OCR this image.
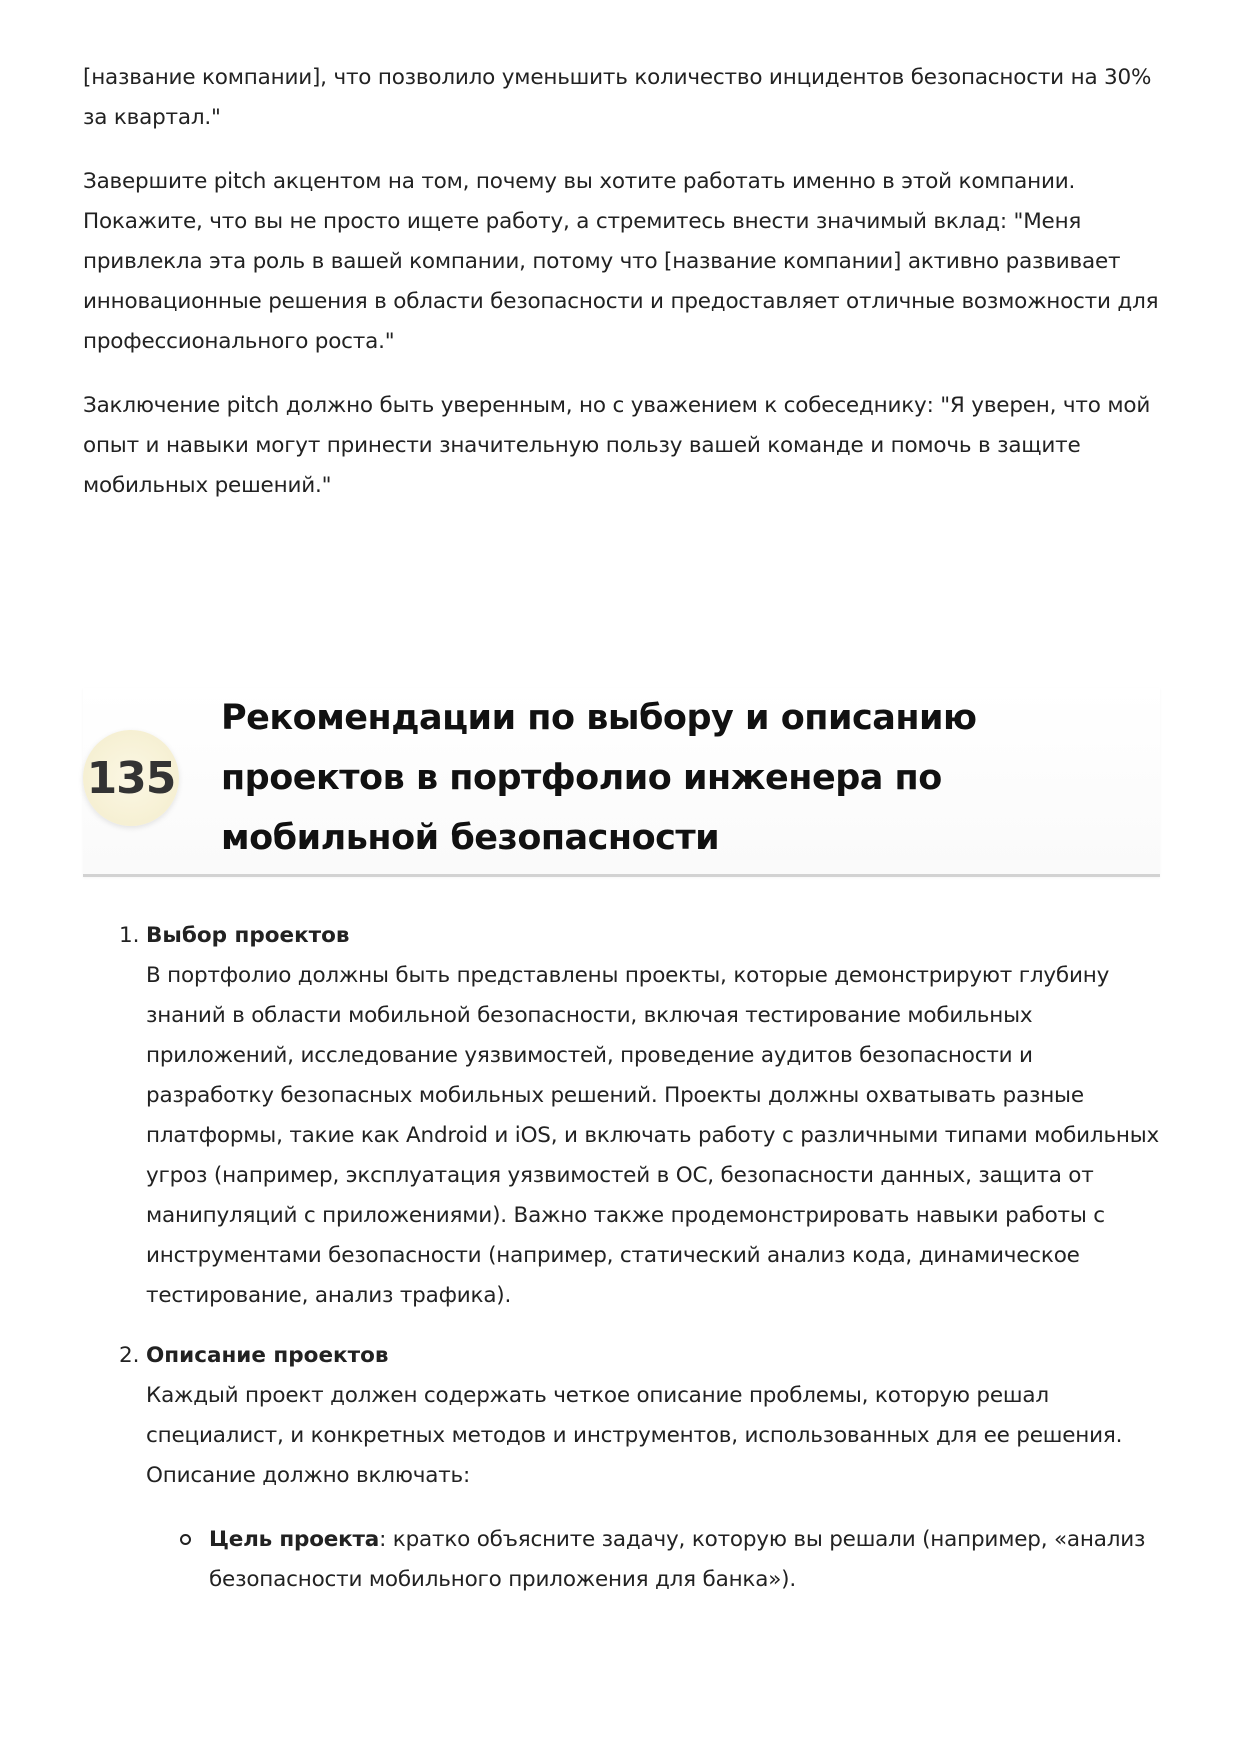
[название компании], что позволило уменьшить количество инцидентов безопасности на 30% за квартал."

Завершите pitch акцентом на том, почему вы хотите работать именно в этой компании. Покажите, что вы не просто ищете работу, а стремитесь внести значимый вклад: "Меня привлекла эта роль в вашей компании, потому что [название компании] активно развивает инновационные решения в области безопасности и предоставляет отличные возможности для профессионального роста."

Заключение pitch должно быть уверенным, но с уважением к собеседнику: "Я уверен, что мой опыт и навыки могут принести значительную пользу вашей команде и помочь в защите мобильных решений."

135
Рекомендации по выбору и описанию проектов в портфолио инженера по мобильной безопасности
1. Выбор проектов
В портфолио должны быть представлены проекты, которые демонстрируют глубину знаний в области мобильной безопасности, включая тестирование мобильных приложений, исследование уязвимостей, проведение аудитов безопасности и разработку безопасных мобильных решений. Проекты должны охватывать разные платформы, такие как Android и iOS, и включать работу с различными типами мобильных угроз (например, эксплуатация уязвимостей в ОС, безопасности данных, защита от манипуляций с приложениями). Важно также продемонстрировать навыки работы с инструментами безопасности (например, статический анализ кода, динамическое тестирование, анализ трафика).
2. Описание проектов
Каждый проект должен содержать четкое описание проблемы, которую решал специалист, и конкретных методов и инструментов, использованных для ее решения. Описание должно включать:
Цель проекта: кратко объясните задачу, которую вы решали (например, «анализ безопасности мобильного приложения для банка»).
